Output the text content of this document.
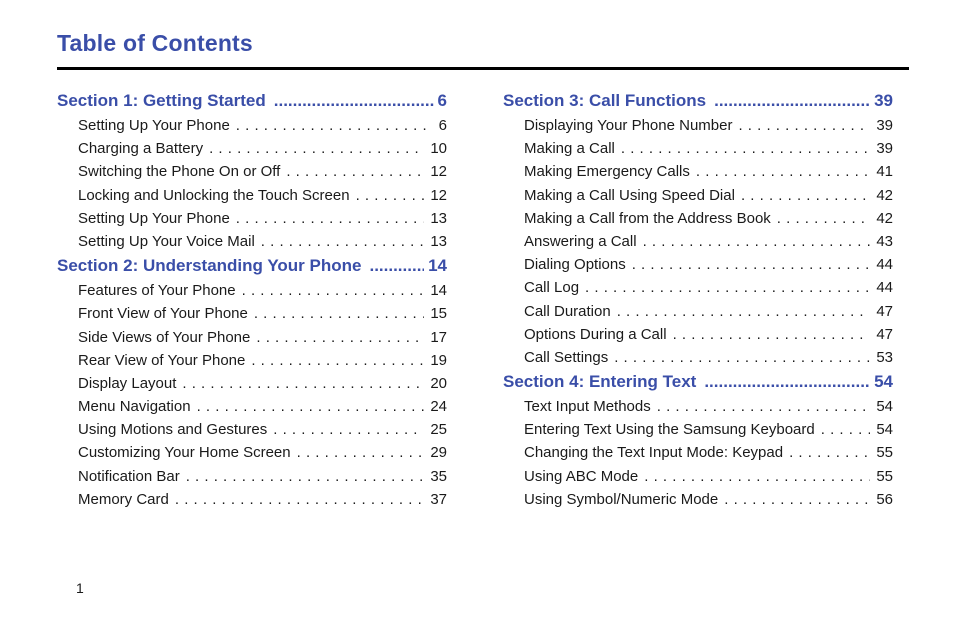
Table of Contents
Section 1: Getting Started .....	6
Setting Up Your Phone . . .	6
Charging a Battery . . .	10
Switching the Phone On or Off . . .	12
Locking and Unlocking the Touch Screen . . .	12
Setting Up Your Phone . . .	13
Setting Up Your Voice Mail . . .	13
Section 2: Understanding Your Phone .....	14
Features of Your Phone . . .	14
Front View of Your Phone . . .	15
Side Views of Your Phone . . .	17
Rear View of Your Phone . . .	19
Display Layout . . .	20
Menu Navigation . . .	24
Using Motions and Gestures . . .	25
Customizing Your Home Screen . . .	29
Notification Bar . . .	35
Memory Card . . .	37
Section 3: Call Functions .....	39
Displaying Your Phone Number . . .	39
Making a Call . . .	39
Making Emergency Calls . . .	41
Making a Call Using Speed Dial . . .	42
Making a Call from the Address Book . . .	42
Answering a Call . . .	43
Dialing Options . . .	44
Call Log . . .	44
Call Duration . . .	47
Options During a Call . . .	47
Call Settings . . .	53
Section 4: Entering Text .....	54
Text Input Methods . . .	54
Entering Text Using the Samsung Keyboard . . .	54
Changing the Text Input Mode: Keypad . . .	55
Using ABC Mode . . .	55
Using Symbol/Numeric Mode . . .	56
1
